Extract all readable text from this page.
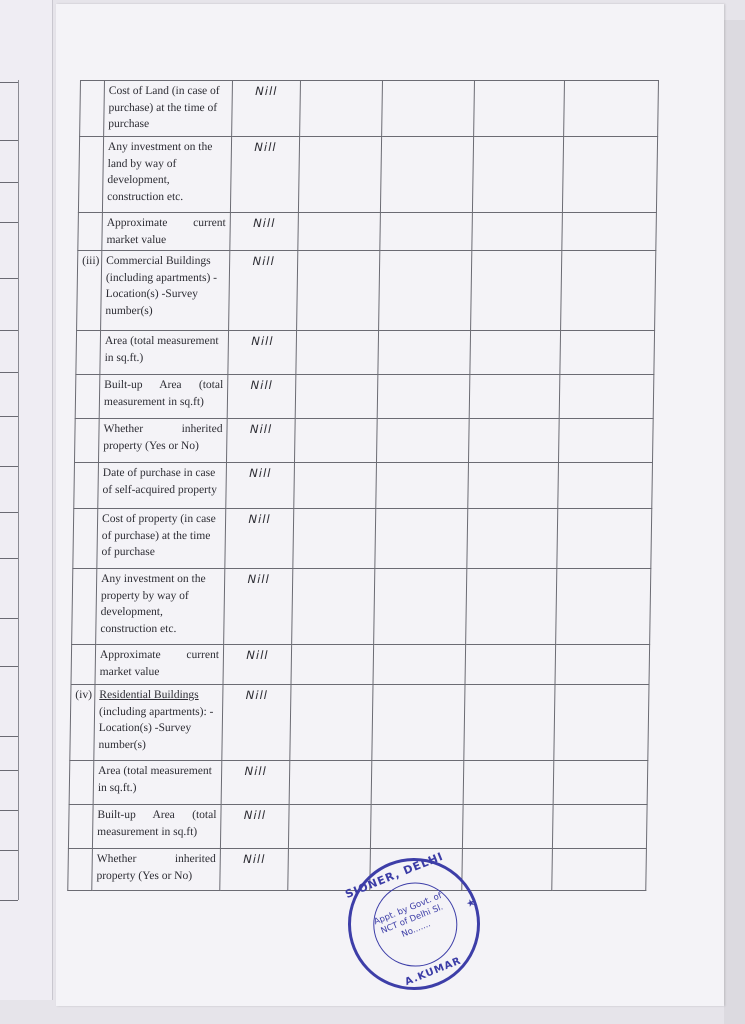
	Cost of Land (in case of purchase) at the time of purchase	Nill				
	Any investment on the land by way of development, construction etc.	Nill				
	Approximate current market value	Nill				
(iii)	Commercial Buildings (including apartments) -Location(s) -Survey number(s)	Nill				
	Area (total measurement in sq.ft.)	Nill				
	Built-up Area (total measurement in sq.ft)	Nill				
	Whether inherited property (Yes or No)	Nill				
	Date of purchase in case of self-acquired property	Nill				
	Cost of property (in case of purchase) at the time of purchase	Nill				
	Any investment on the property by way of development, construction etc.	Nill				
	Approximate current market value	Nill				
(iv)	Residential Buildings (including apartments): -Location(s) -Survey number(s)	Nill				
	Area (total measurement in sq.ft.)	Nill				
	Built-up Area (total measurement in sq.ft)	Nill				
	Whether inherited property (Yes or No)	Nill					SIONER, DELHI
Appt. by Govt. of NCT of Delhi Sl. No.......
A.KUMAR
★
